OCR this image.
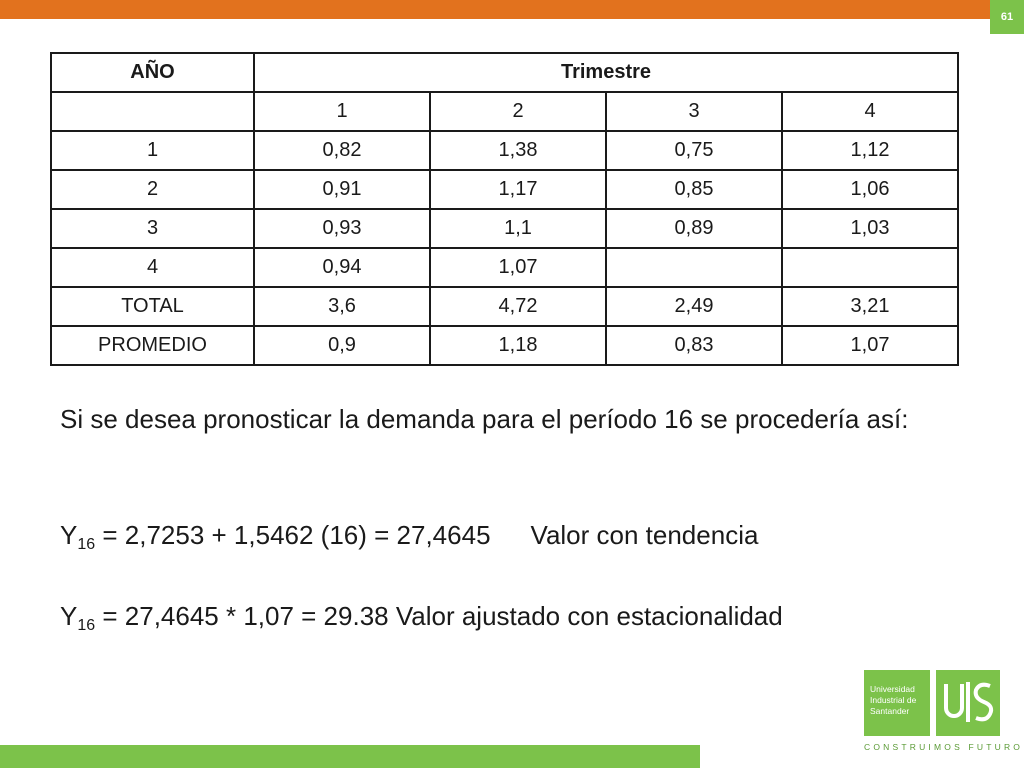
61
AÑO	Trimestre			
	1	2	3	4
1	0,82	1,38	0,75	1,12
2	0,91	1,17	0,85	1,06
3	0,93	1,1	0,89	1,03
4	0,94	1,07		
TOTAL	3,6	4,72	2,49	3,21
PROMEDIO	0,9	1,18	0,83	1,07

Si se desea pronosticar la demanda para el período 16 se procedería así:

$Y_{16} = 2,7253 + 1,5462$ (16) = 27,4645 Valor con tendencia
$Y_{16} = 27,4645 * 1,07 = 29.38$ Valor ajustado con estacionalidad
Universidad
Industrial de
Santander
CONSTRUIMOS FUTURO
